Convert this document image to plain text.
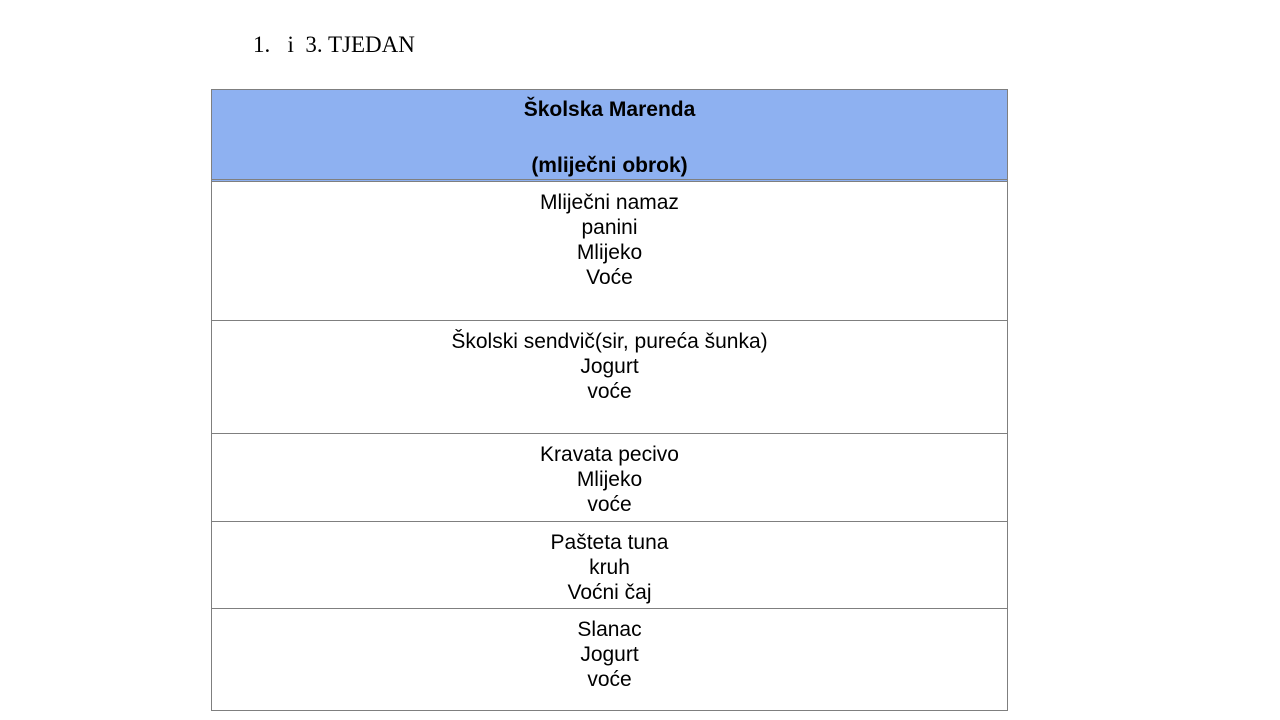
1.   i  3. TJEDAN
Školska Marenda
(mliječni obrok)
Mliječni namaz
panini
Mlijeko
Voće
Školski sendvič(sir, pureća šunka)
Jogurt
voće
Kravata pecivo
Mlijeko
voće
Pašteta tuna
kruh
Voćni čaj
Slanac
Jogurt
voće
